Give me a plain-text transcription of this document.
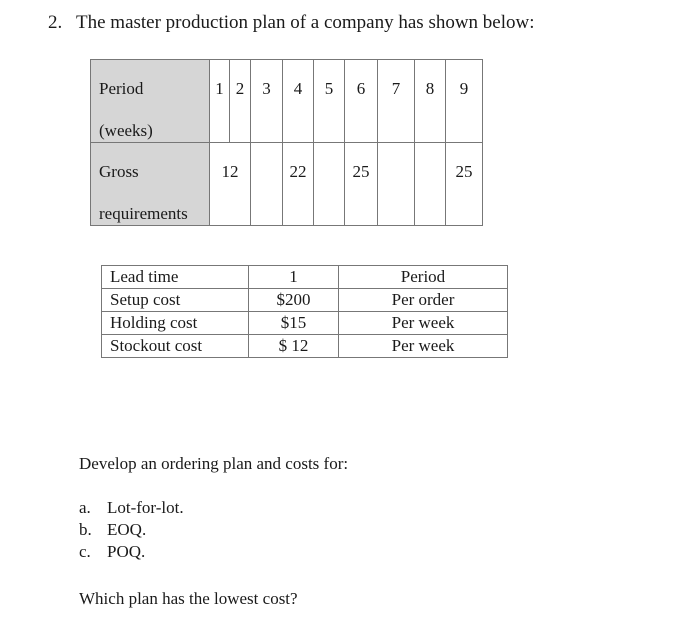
2. The master production plan of a company has shown below:
Period
(weeks)	1	2	3	4	5	6	7	8	9

Gross
requirements	12			22		25			25
Lead time	1	Period
Setup cost	$200	Per order
Holding cost	$15	Per week
Stockout cost	$ 12	Per week
Develop an ordering plan and costs for:
a. Lot-for-lot.
b. EOQ.
c. POQ.
Which plan has the lowest cost?
